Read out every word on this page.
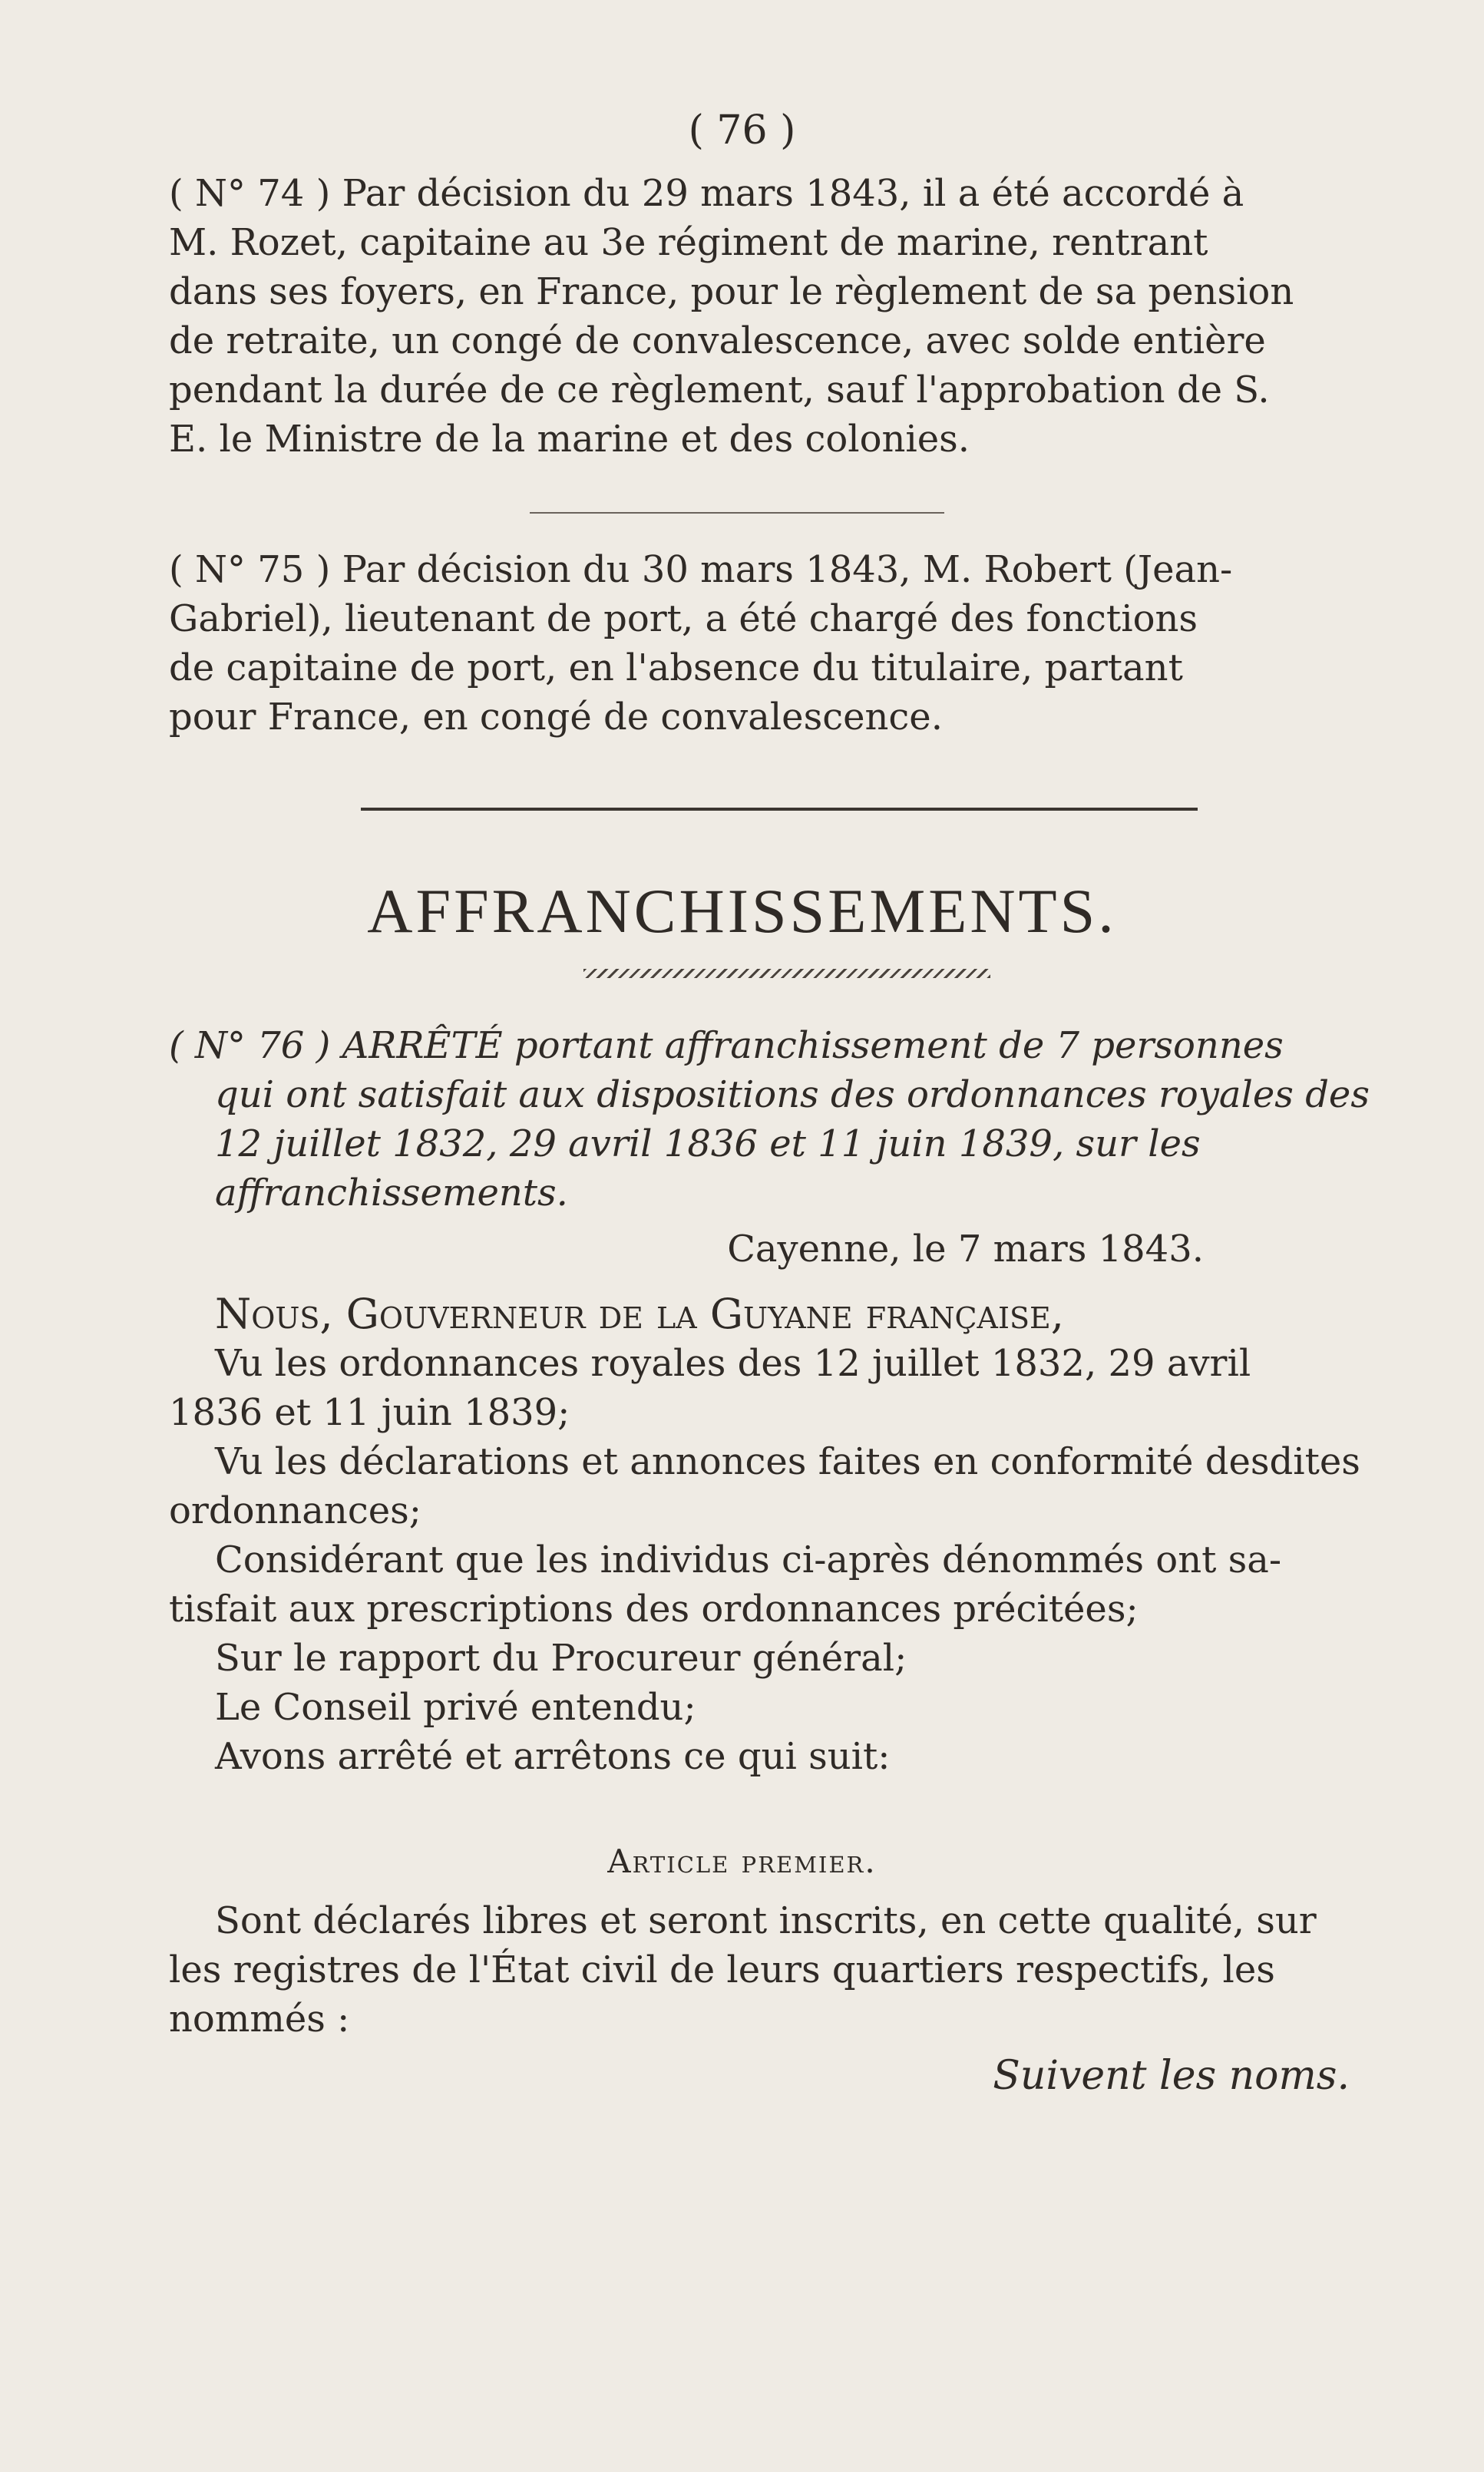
( 76 )
( N° 74 ) Par décision du 29 mars 1843, il a été accordé à
M. Rozet, capitaine au 3e régiment de marine, rentrant
dans ses foyers, en France, pour le règlement de sa pension
de retraite, un congé de convalescence, avec solde entière
pendant la durée de ce règlement, sauf l'approbation de S.
E. le Ministre de la marine et des colonies.
( N° 75 ) Par décision du 30 mars 1843, M. Robert (Jean-
Gabriel), lieutenant de port, a été chargé des fonctions
de capitaine de port, en l'absence du titulaire, partant
pour France, en congé de convalescence.
AFFRANCHISSEMENTS.
( N° 76 ) ARRÊTÉ portant affranchissement de 7 personnes
qui ont satisfait aux dispositions des ordonnances royales des
12 juillet 1832, 29 avril 1836 et 11 juin 1839, sur les
affranchissements.
Cayenne, le 7 mars 1843.
Nous, Gouverneur de la Guyane française,
Vu les ordonnances royales des 12 juillet 1832, 29 avril
1836 et 11 juin 1839;
Vu les déclarations et annonces faites en conformité desdites
ordonnances;
Considérant que les individus ci-après dénommés ont sa-
tisfait aux prescriptions des ordonnances précitées;
Sur le rapport du Procureur général;
Le Conseil privé entendu;
Avons arrêté et arrêtons ce qui suit:
Article premier.
Sont déclarés libres et seront inscrits, en cette qualité, sur
les registres de l'État civil de leurs quartiers respectifs, les
nommés :
Suivent les noms.
